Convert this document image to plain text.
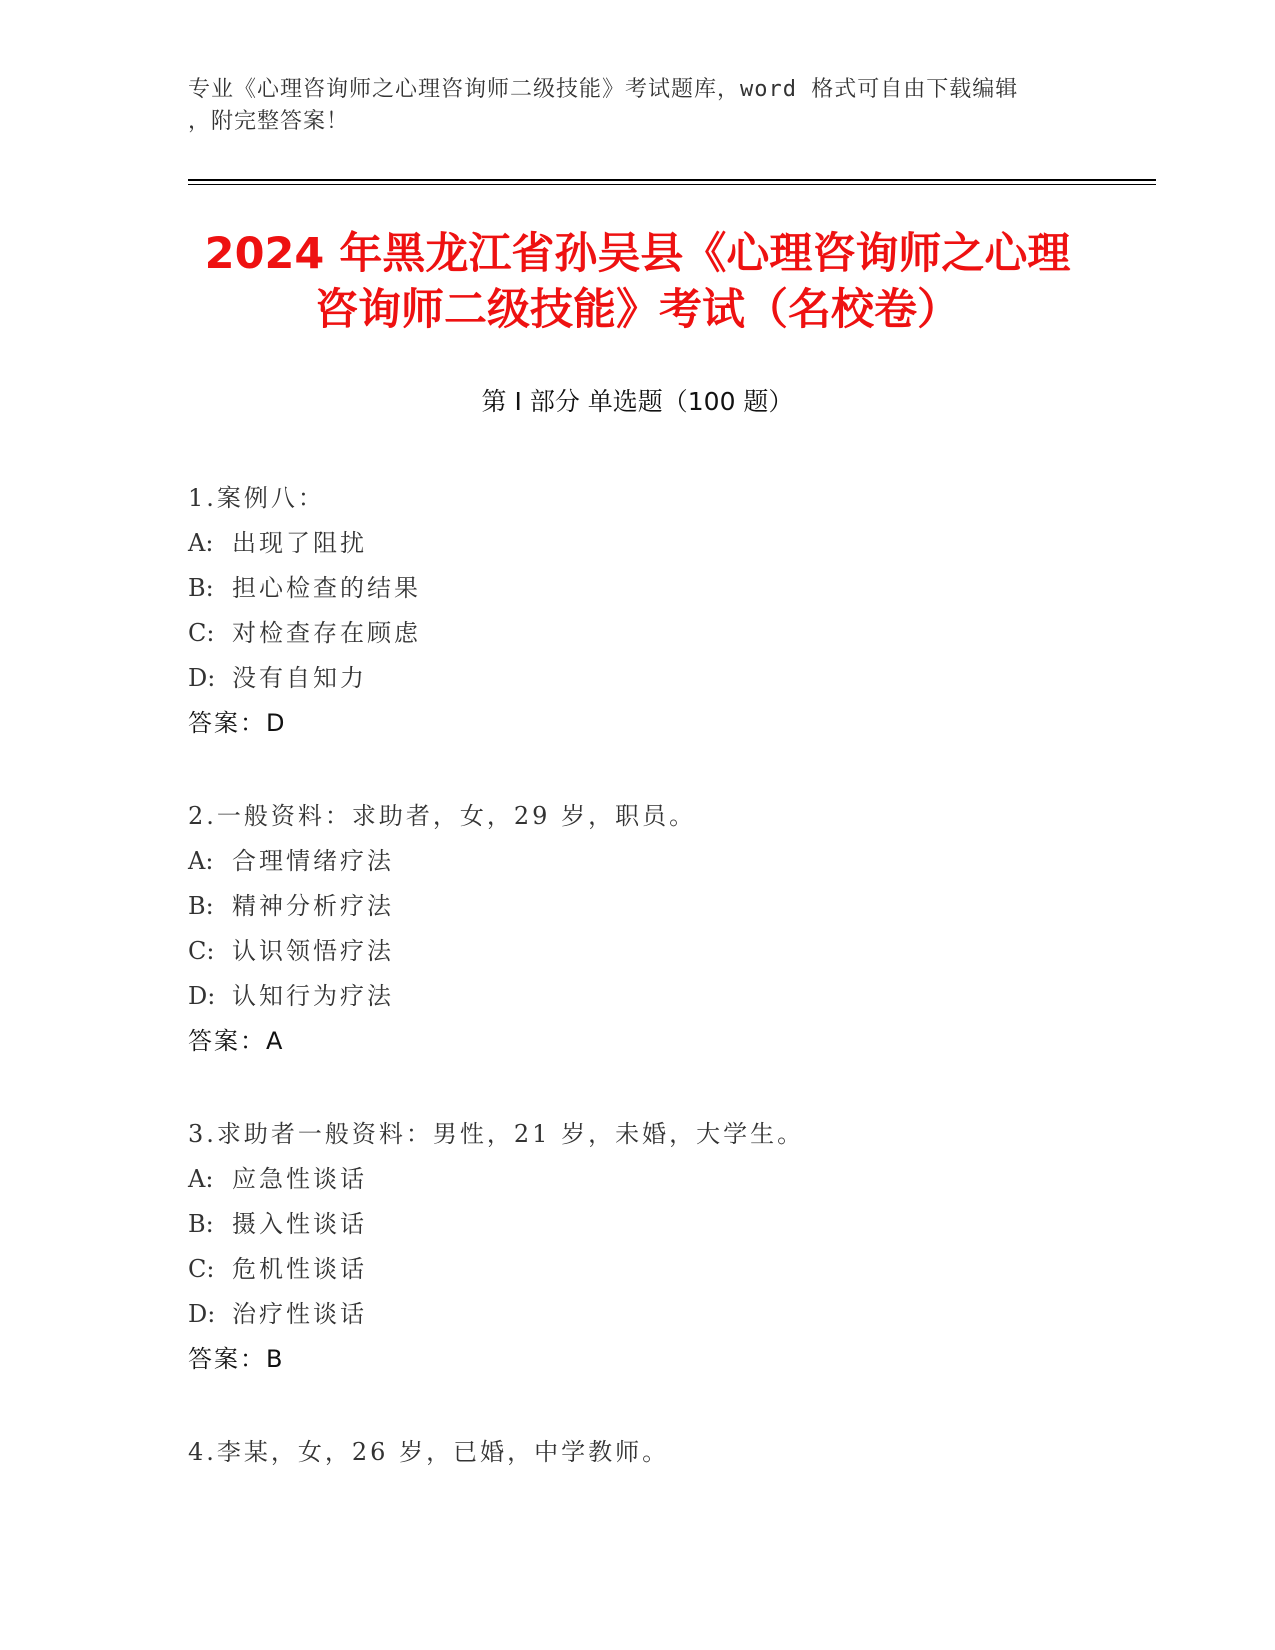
专业《心理咨询师之心理咨询师二级技能》考试题库，word 格式可自由下载编辑
，附完整答案！
2024 年黑龙江省孙吴县《心理咨询师之心理
咨询师二级技能》考试（名校卷）
第 I 部分 单选题（100 题）
1.案例八：
A: 出现了阻扰
B: 担心检查的结果
C: 对检查存在顾虑
D: 没有自知力
答案：D
2.一般资料：求助者，女，29 岁，职员。
A: 合理情绪疗法
B: 精神分析疗法
C: 认识领悟疗法
D: 认知行为疗法
答案：A
3.求助者一般资料：男性，21 岁，未婚，大学生。
A: 应急性谈话
B: 摄入性谈话
C: 危机性谈话
D: 治疗性谈话
答案：B
4.李某，女，26 岁，已婚，中学教师。
